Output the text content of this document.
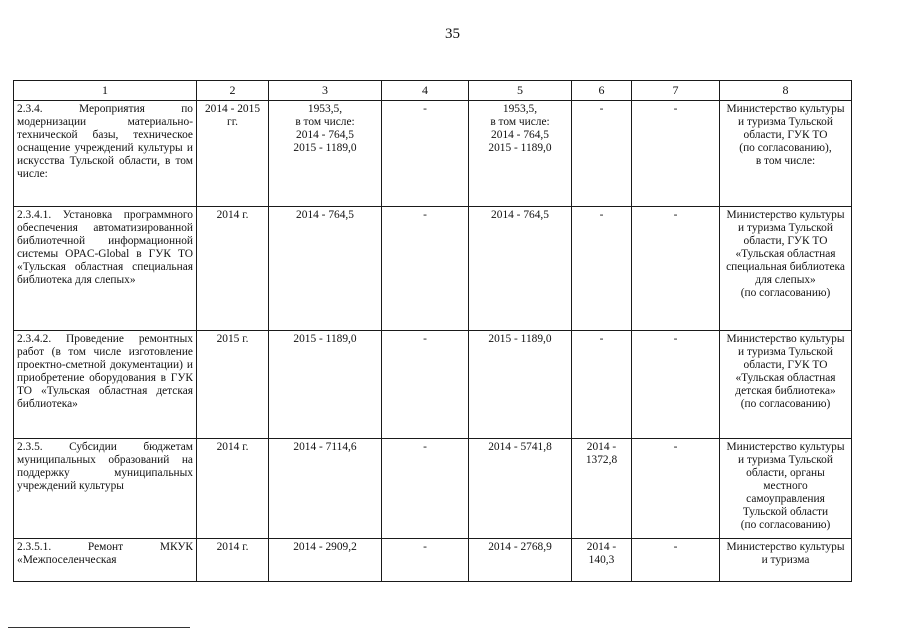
35
1	2	3	4	5	6	7	8
2.3.4. Мероприятия по модернизации материально-технической базы, техническое оснащение учреждений культуры и искусства Тульской области, в том числе:	2014 - 2015 гг.	1953,5,
в том числе:
2014 - 764,5
2015 - 1189,0	-	1953,5,
в том числе:
2014 - 764,5
2015 - 1189,0	-	-	Министерство культуры и туризма Тульской области, ГУК ТО
(по согласованию),
в том числе:
2.3.4.1. Установка программного обеспечения автоматизированной библиотечной информационной системы OPAC-Global в ГУК ТО «Тульская областная специальная библиотека для слепых»	2014 г.	2014 - 764,5	-	2014 - 764,5	-	-	Министерство культуры и туризма Тульской области, ГУК ТО «Тульская областная специальная библиотека для слепых»
(по согласованию)
2.3.4.2. Проведение ремонтных работ (в том числе изготовление проектно-сметной документации) и приобретение оборудования в ГУК ТО «Тульская областная детская библиотека»	2015 г.	2015 - 1189,0	-	2015 - 1189,0	-	-	Министерство культуры и туризма Тульской области, ГУК ТО «Тульская областная детская библиотека»
(по согласованию)
2.3.5. Субсидии бюджетам муниципальных образований на поддержку муниципальных учреждений культуры	2014 г.	2014 - 7114,6	-	2014 - 5741,8	2014 -
1372,8	-	Министерство культуры и туризма Тульской области, органы местного самоуправления Тульской области
(по согласованию)
2.3.5.1. Ремонт МКУК «Межпоселенческая	2014 г.	2014 - 2909,2	-	2014 - 2768,9	2014 -
140,3	-	Министерство культуры и туризма
